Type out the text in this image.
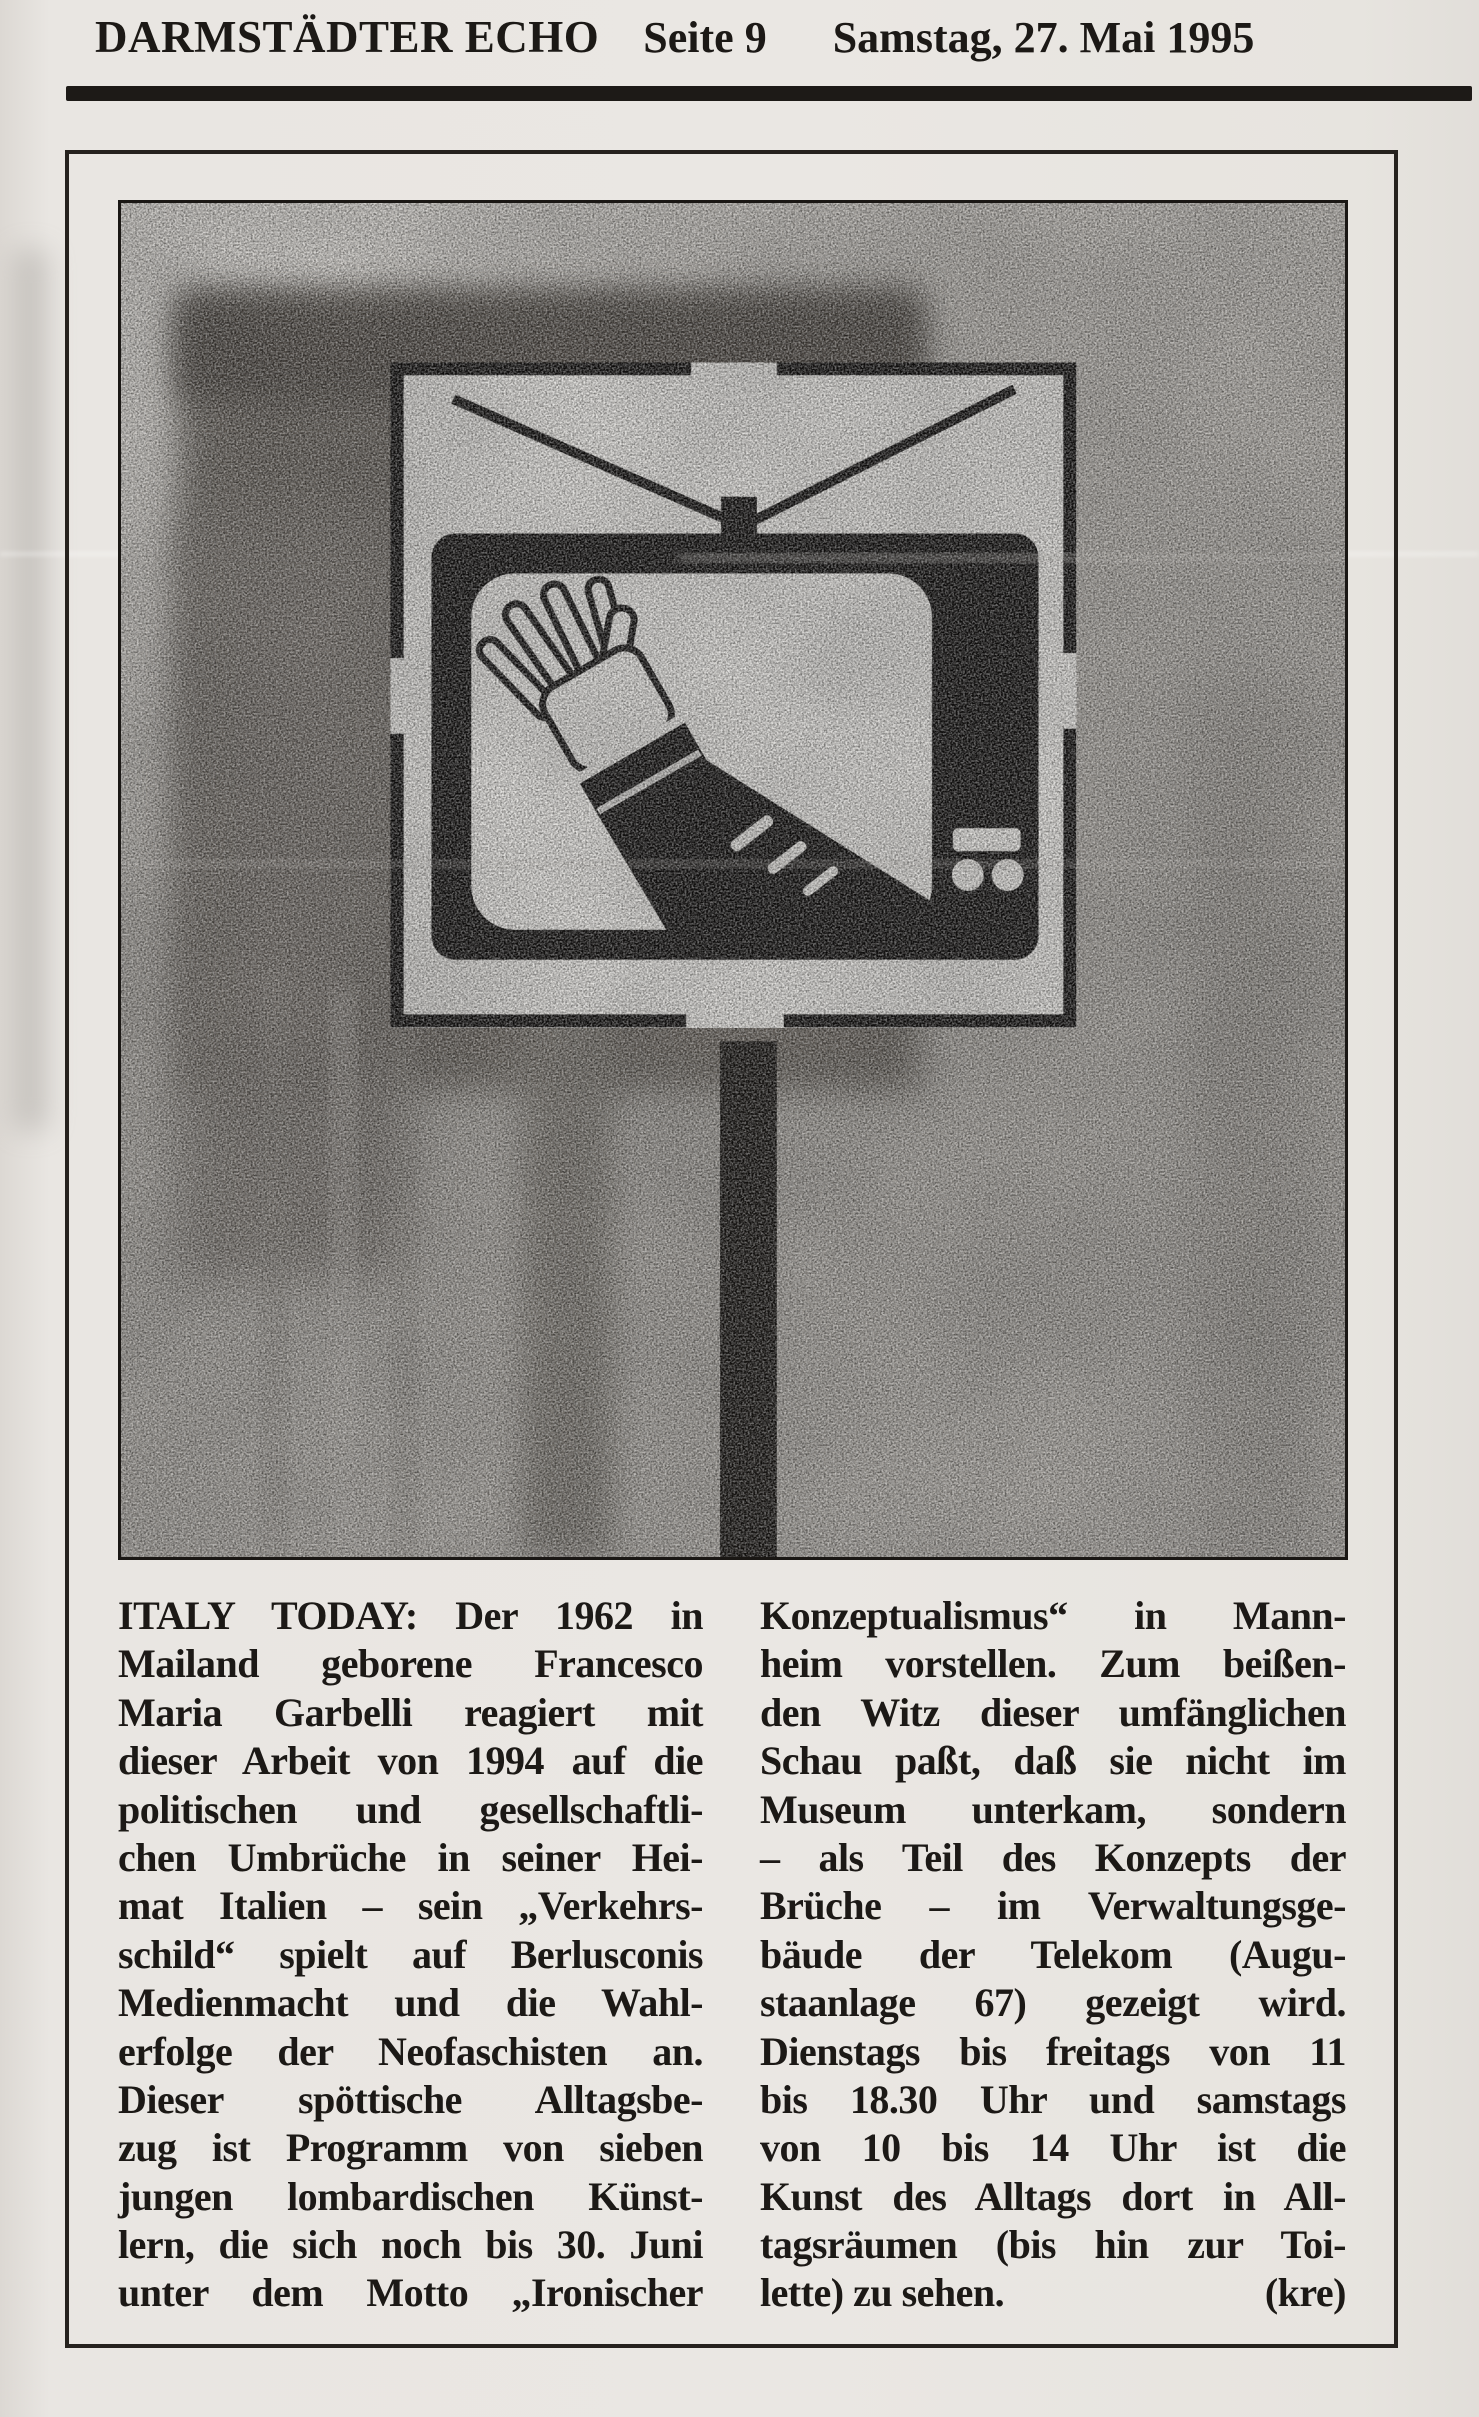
DARMSTÄDTER ECHO Seite 9 Samstag, 27. Mai 1995
ITALY TODAY: Der 1962 in
Mailand geborene Francesco
Maria Garbelli reagiert mit
dieser Arbeit von 1994 auf die
politischen und gesellschaftli-
chen Umbrüche in seiner Hei-
mat Italien – sein „Verkehrs-
schild“ spielt auf Berlusconis
Medienmacht und die Wahl-
erfolge der Neofaschisten an.
Dieser spöttische Alltagsbe-
zug ist Programm von sieben
jungen lombardischen Künst-
lern, die sich noch bis 30. Juni
unter dem Motto „Ironischer
Konzeptualismus“ in Mann-
heim vorstellen. Zum beißen-
den Witz dieser umfänglichen
Schau paßt, daß sie nicht im
Museum unterkam, sondern
– als Teil des Konzepts der
Brüche – im Verwaltungsge-
bäude der Telekom (Augu-
staanlage 67) gezeigt wird.
Dienstags bis freitags von 11
bis 18.30 Uhr und samstags
von 10 bis 14 Uhr ist die
Kunst des Alltags dort in All-
tagsräumen (bis hin zur Toi-
lette) zu sehen.	(kre)
